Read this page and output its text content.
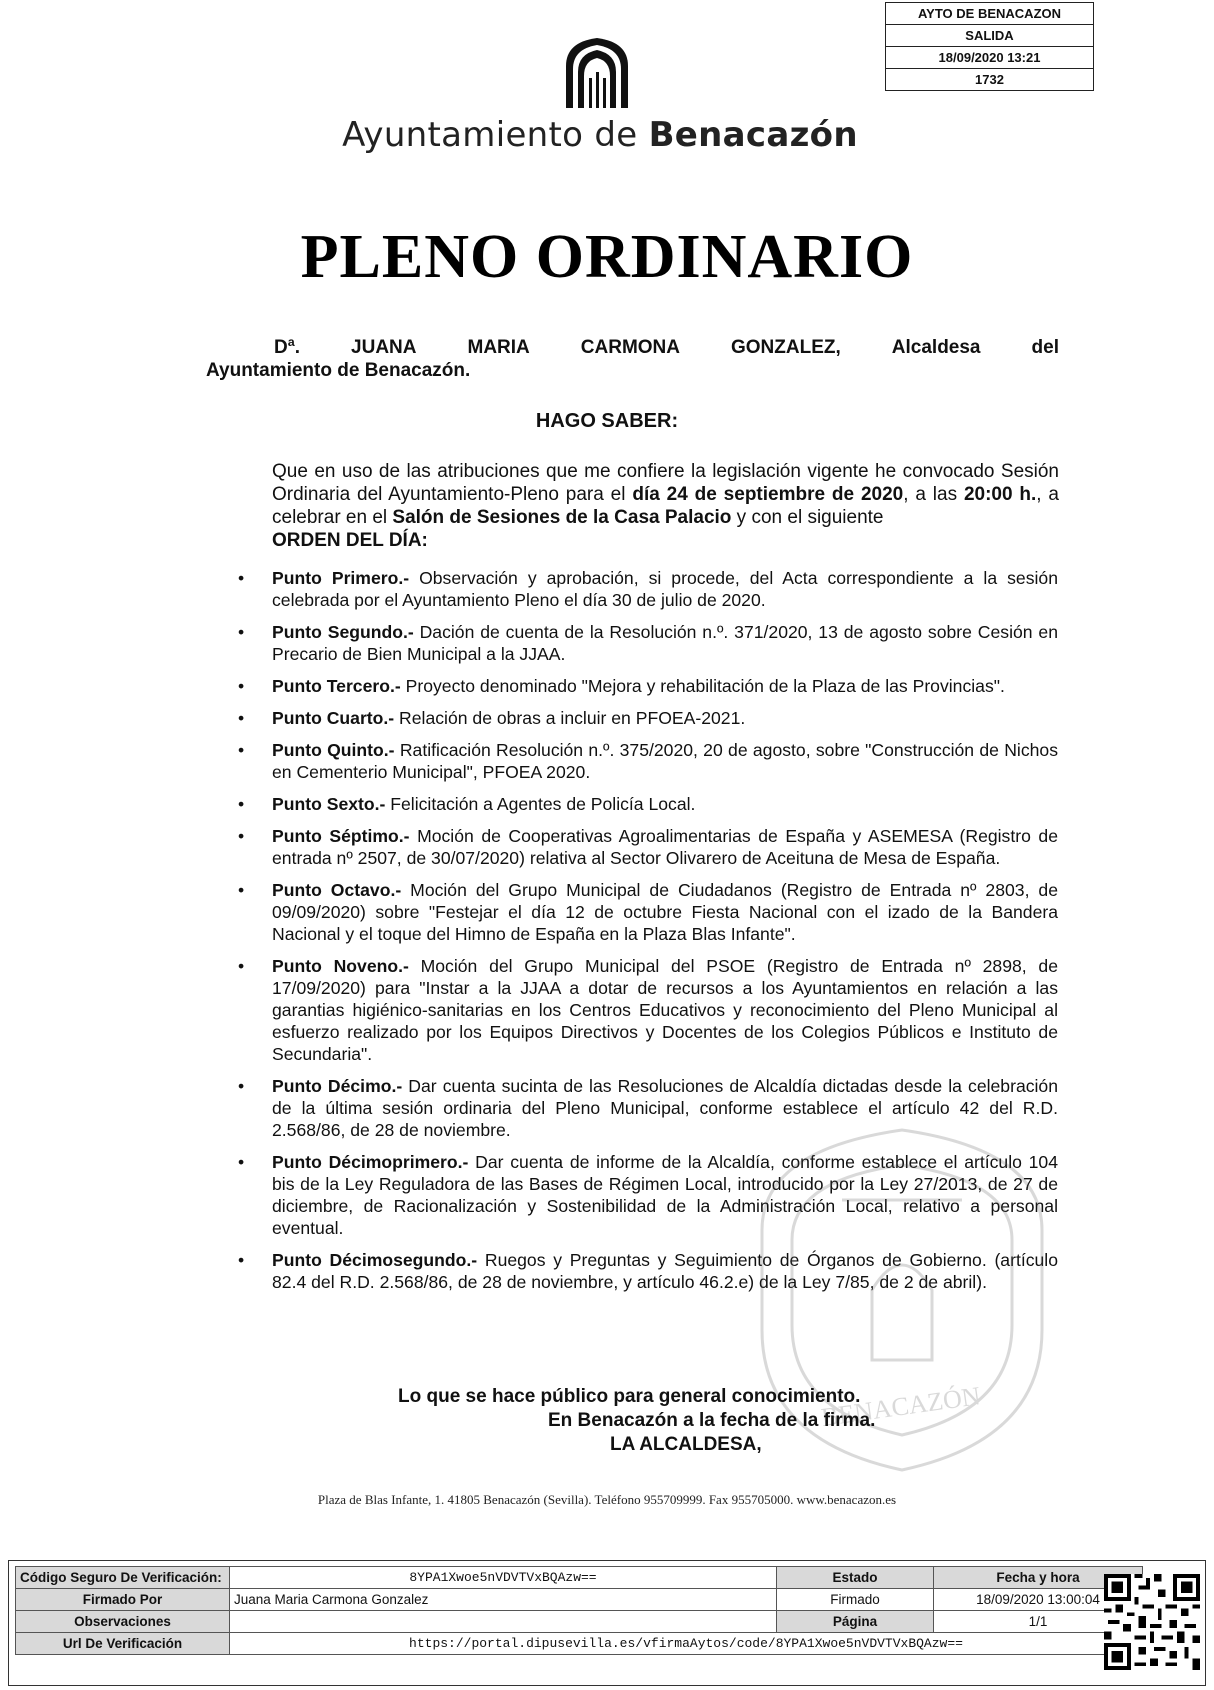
AYTO DE BENACAZON
SALIDA
18/09/2020 13:21
1732
Ayuntamiento de Benacazón
PLENO ORDINARIO
Dª.	JUANA	MARIA	CARMONA	GONZALEZ,	Alcaldesa	del
Ayuntamiento de Benacazón.
HAGO SABER:
Que en uso de las atribuciones que me confiere la legislación vigente he convocado Sesión Ordinaria del Ayuntamiento-Pleno para el día 24 de septiembre de 2020, a las 20:00 h., a celebrar en el Salón de Sesiones de la Casa Palacio y con el siguiente
ORDEN DEL DÍA:
• Punto Primero.- Observación y aprobación, si procede, del Acta correspondiente a la sesión celebrada por el Ayuntamiento Pleno el día 30 de julio de 2020.
• Punto Segundo.- Dación de cuenta de la Resolución n.º. 371/2020, 13 de agosto sobre Cesión en Precario de Bien Municipal a la JJAA.
• Punto Tercero.- Proyecto denominado "Mejora y rehabilitación de la Plaza de las Provincias".
• Punto Cuarto.- Relación de obras a incluir en PFOEA-2021.
• Punto Quinto.- Ratificación Resolución n.º. 375/2020, 20 de agosto, sobre "Construcción de Nichos en Cementerio Municipal", PFOEA 2020.
• Punto Sexto.- Felicitación a Agentes de Policía Local.
• Punto Séptimo.- Moción de Cooperativas Agroalimentarias de España y ASEMESA (Registro de entrada nº 2507, de 30/07/2020) relativa al Sector Olivarero de Aceituna de Mesa de España.
• Punto Octavo.- Moción del Grupo Municipal de Ciudadanos (Registro de Entrada nº 2803, de 09/09/2020) sobre "Festejar el día 12 de octubre Fiesta Nacional con el izado de la Bandera Nacional y el toque del Himno de España en la Plaza Blas Infante".
• Punto Noveno.- Moción del Grupo Municipal del PSOE (Registro de Entrada nº 2898, de 17/09/2020) para "Instar a la JJAA a dotar de recursos a los Ayuntamientos en relación a las garantias higiénico-sanitarias en los Centros Educativos y reconocimiento del Pleno Municipal al esfuerzo realizado por los Equipos Directivos y Docentes de los Colegios Públicos e Instituto de Secundaria".
• Punto Décimo.- Dar cuenta sucinta de las Resoluciones de Alcaldía dictadas desde la celebración de la última sesión ordinaria del Pleno Municipal, conforme establece el artículo 42 del R.D. 2.568/86, de 28 de noviembre.
• Punto Décimoprimero.- Dar cuenta de informe de la Alcaldía, conforme establece el artículo 104 bis de la Ley Reguladora de las Bases de Régimen Local, introducido por la Ley 27/2013, de 27 de diciembre, de Racionalización y Sostenibilidad de la Administración Local, relativo a personal eventual.
• Punto Décimosegundo.- Ruegos y Preguntas y Seguimiento de Órganos de Gobierno. (artículo 82.4 del R.D. 2.568/86, de 28 de noviembre, y artículo 46.2.e) de la Ley 7/85, de 2 de abril).
BENACAZÓN
Lo que se hace público para general conocimiento.
En Benacazón a la fecha de la firma.
LA ALCALDESA,
Plaza de Blas Infante, 1. 41805 Benacazón (Sevilla). Teléfono 955709999. Fax 955705000. www.benacazon.es
Código Seguro De Verificación:	8YPA1Xwoe5nVDVTVxBQAzw==	Estado	Fecha y hora
Firmado Por	Juana Maria Carmona Gonzalez	Firmado	18/09/2020 13:00:04
Observaciones		Página	1/1
Url De Verificación	https://portal.dipusevilla.es/vfirmaAytos/code/8YPA1Xwoe5nVDVTVxBQAzw==		
